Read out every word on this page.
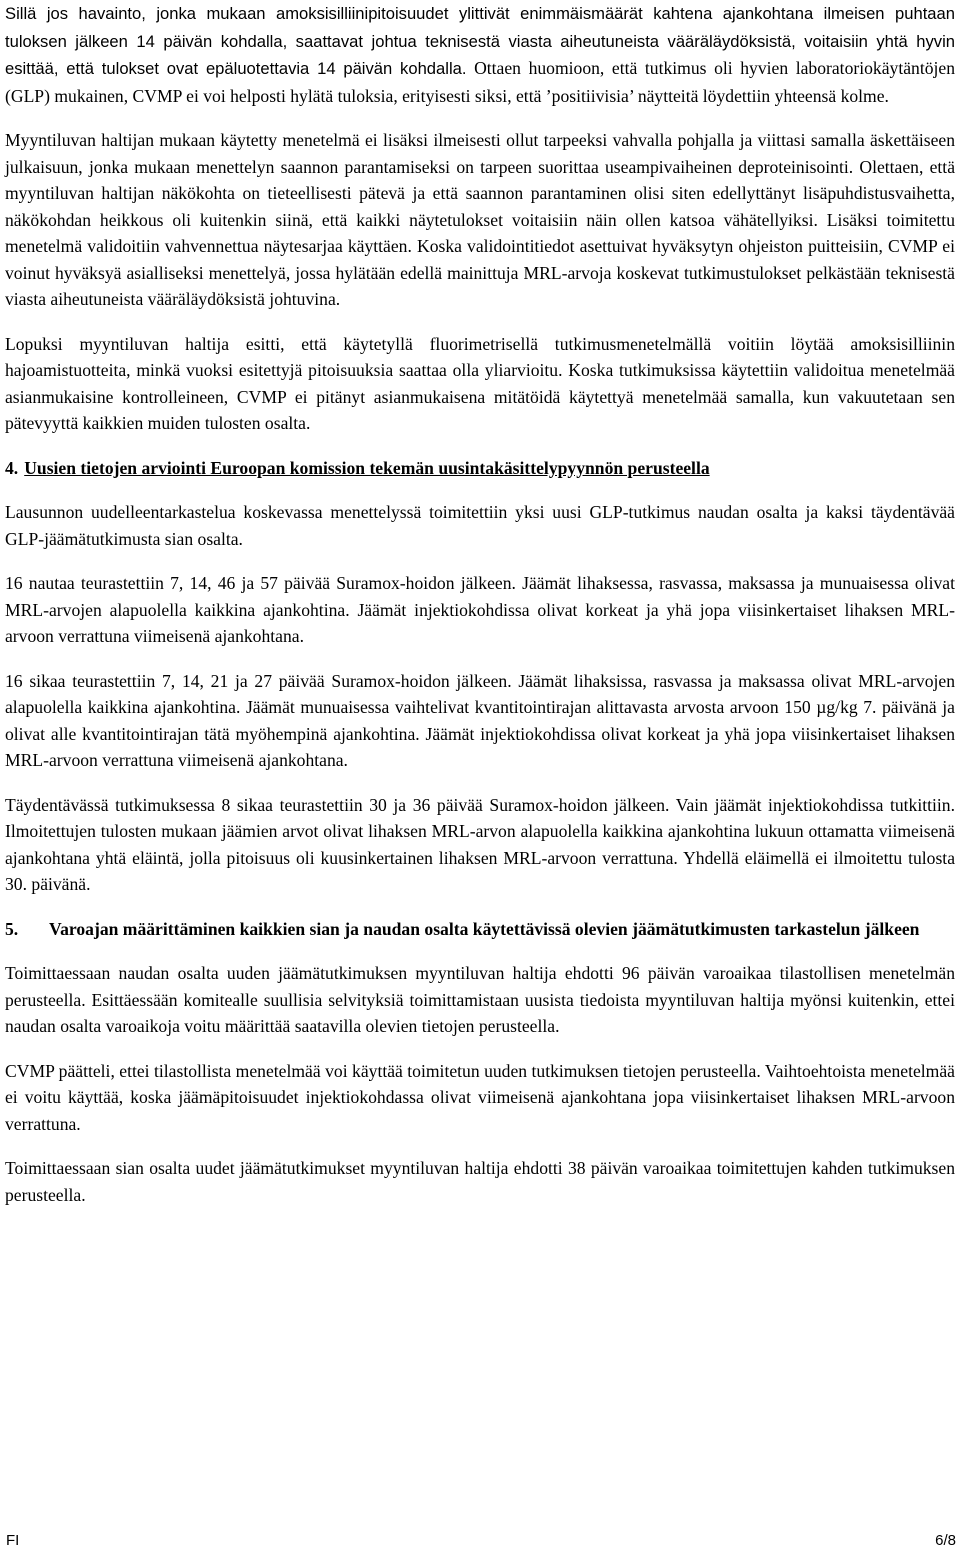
Sillä jos havainto, jonka mukaan amoksisilliinipitoisuudet ylittivät enimmäismäärät kahtena ajankohtana ilmeisen puhtaan tuloksen jälkeen 14 päivän kohdalla, saattavat johtua teknisestä viasta aiheutuneista vääräläydöksistä, voitaisiin yhtä hyvin esittää, että tulokset ovat epäluotettavia 14 päivän kohdalla. Ottaen huomioon, että tutkimus oli hyvien laboratoriokäytäntöjen (GLP) mukainen, CVMP ei voi helposti hylätä tuloksia, erityisesti siksi, että ’positiivisia’ näytteitä löydettiin yhteensä kolme.

Myyntiluvan haltijan mukaan käytetty menetelmä ei lisäksi ilmeisesti ollut tarpeeksi vahvalla pohjalla ja viittasi samalla äskettäiseen julkaisuun, jonka mukaan menettelyn saannon parantamiseksi on tarpeen suorittaa useampivaiheinen deproteinisointi. Olettaen, että myyntiluvan haltijan näkökohta on tieteellisesti pätevä ja että saannon parantaminen olisi siten edellyttänyt lisäpuhdistusvaihetta, näkökohdan heikkous oli kuitenkin siinä, että kaikki näytetulokset voitaisiin näin ollen katsoa vähätellyiksi. Lisäksi toimitettu menetelmä validoitiin vahvennettua näytesarjaa käyttäen. Koska validointitiedot asettuivat hyväksytyn ohjeiston puitteisiin, CVMP ei voinut hyväksyä asialliseksi menettelyä, jossa hylätään edellä mainittuja MRL-arvoja koskevat tutkimustulokset pelkästään teknisestä viasta aiheutuneista vääräläydöksistä johtuvina.

Lopuksi myyntiluvan haltija esitti, että käytetyllä fluorimetrisellä tutkimusmenetelmällä voitiin löytää amoksisilliinin hajoamistuotteita, minkä vuoksi esitettyjä pitoisuuksia saattaa olla yliarvioitu. Koska tutkimuksissa käytettiin validoitua menetelmää asianmukaisine kontrolleineen, CVMP ei pitänyt asianmukaisena mitätöidä käytettyä menetelmää samalla, kun vakuutetaan sen pätevyyttä kaikkien muiden tulosten osalta.

4. Uusien tietojen arviointi Euroopan komission tekemän uusintakäsittelypyynnön perusteella

Lausunnon uudelleentarkastelua koskevassa menettelyssä toimitettiin yksi uusi GLP-tutkimus naudan osalta ja kaksi täydentävää GLP-jäämätutkimusta sian osalta.

16 nautaa teurastettiin 7, 14, 46 ja 57 päivää Suramox-hoidon jälkeen. Jäämät lihaksessa, rasvassa, maksassa ja munuaisessa olivat MRL-arvojen alapuolella kaikkina ajankohtina. Jäämät injektiokohdissa olivat korkeat ja yhä jopa viisinkertaiset lihaksen MRL-arvoon verrattuna viimeisenä ajankohtana.

16 sikaa teurastettiin 7, 14, 21 ja 27 päivää Suramox-hoidon jälkeen. Jäämät lihaksissa, rasvassa ja maksassa olivat MRL-arvojen alapuolella kaikkina ajankohtina. Jäämät munuaisessa vaihtelivat kvantitointirajan alittavasta arvosta arvoon 150 µg/kg 7. päivänä ja olivat alle kvantitointirajan tätä myöhempinä ajankohtina. Jäämät injektiokohdissa olivat korkeat ja yhä jopa viisinkertaiset lihaksen MRL-arvoon verrattuna viimeisenä ajankohtana.

Täydentävässä tutkimuksessa 8 sikaa teurastettiin 30 ja 36 päivää Suramox-hoidon jälkeen. Vain jäämät injektiokohdissa tutkittiin. Ilmoitettujen tulosten mukaan jäämien arvot olivat lihaksen MRL-arvon alapuolella kaikkina ajankohtina lukuun ottamatta viimeisenä ajankohtana yhtä eläintä, jolla pitoisuus oli kuusinkertainen lihaksen MRL-arvoon verrattuna. Yhdellä eläimellä ei ilmoitettu tulosta 30. päivänä.

5.	Varoajan määrittäminen kaikkien sian ja naudan osalta käytettävissä olevien jäämätutkimusten tarkastelun jälkeen

Toimittaessaan naudan osalta uuden jäämätutkimuksen myyntiluvan haltija ehdotti 96 päivän varoaikaa tilastollisen menetelmän perusteella. Esittäessään komitealle suullisia selvityksiä toimittamistaan uusista tiedoista myyntiluvan haltija myönsi kuitenkin, ettei naudan osalta varoaikoja voitu määrittää saatavilla olevien tietojen perusteella.

CVMP päätteli, ettei tilastollista menetelmää voi käyttää toimitetun uuden tutkimuksen tietojen perusteella. Vaihtoehtoista menetelmää ei voitu käyttää, koska jäämäpitoisuudet injektiokohdassa olivat viimeisenä ajankohtana jopa viisinkertaiset lihaksen MRL-arvoon verrattuna.

Toimittaessaan sian osalta uudet jäämätutkimukset myyntiluvan haltija ehdotti 38 päivän varoaikaa toimitettujen kahden tutkimuksen perusteella.

FI	6/8
